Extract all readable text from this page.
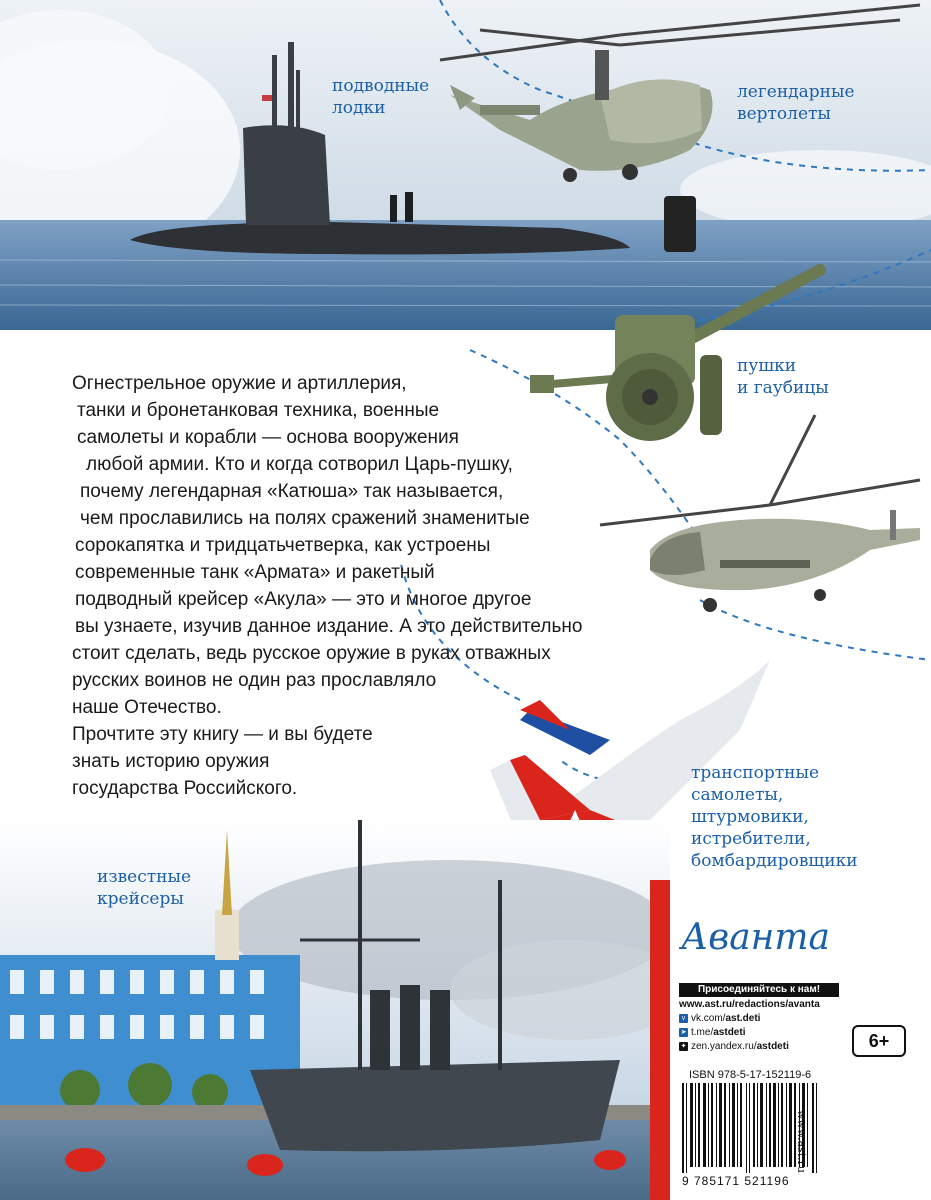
подводные
лодки
легендарные
вертолеты
пушки
и гаубицы
транспортные
самолеты,
штурмовики,
истребители,
бомбардировщики
известные
крейсеры
Огнестрельное оружие и артиллерия,
танки и бронетанковая техника, военные
самолеты и корабли — основа вооружения
любой армии. Кто и когда сотворил Царь-пушку,
почему легендарная «Катюша» так называется,
чем прославились на полях сражений знаменитые
сорокапятка и тридцатьчетверка, как устроены
современные танк «Армата» и ракетный
подводный крейсер «Акула» — это и многое другое
вы узнаете, изучив данное издание. А это действительно
стоит сделать, ведь русское оружие в руках отважных
русских воинов не один раз прославляло
наше Отечество.
Прочтите эту книгу — и вы будете
знать историю оружия
государства Российского.
Аванта
Присоединяйтесь к нам!
www.ast.ru/redactions/avanta
v vk.com/ ast.deti
➤ t.me/ astdeti
✦ zen.yandex.ru/ astdeti	6+
ISBN 978-5-17-152119-6
9 785171 521196
www.ast.ru
